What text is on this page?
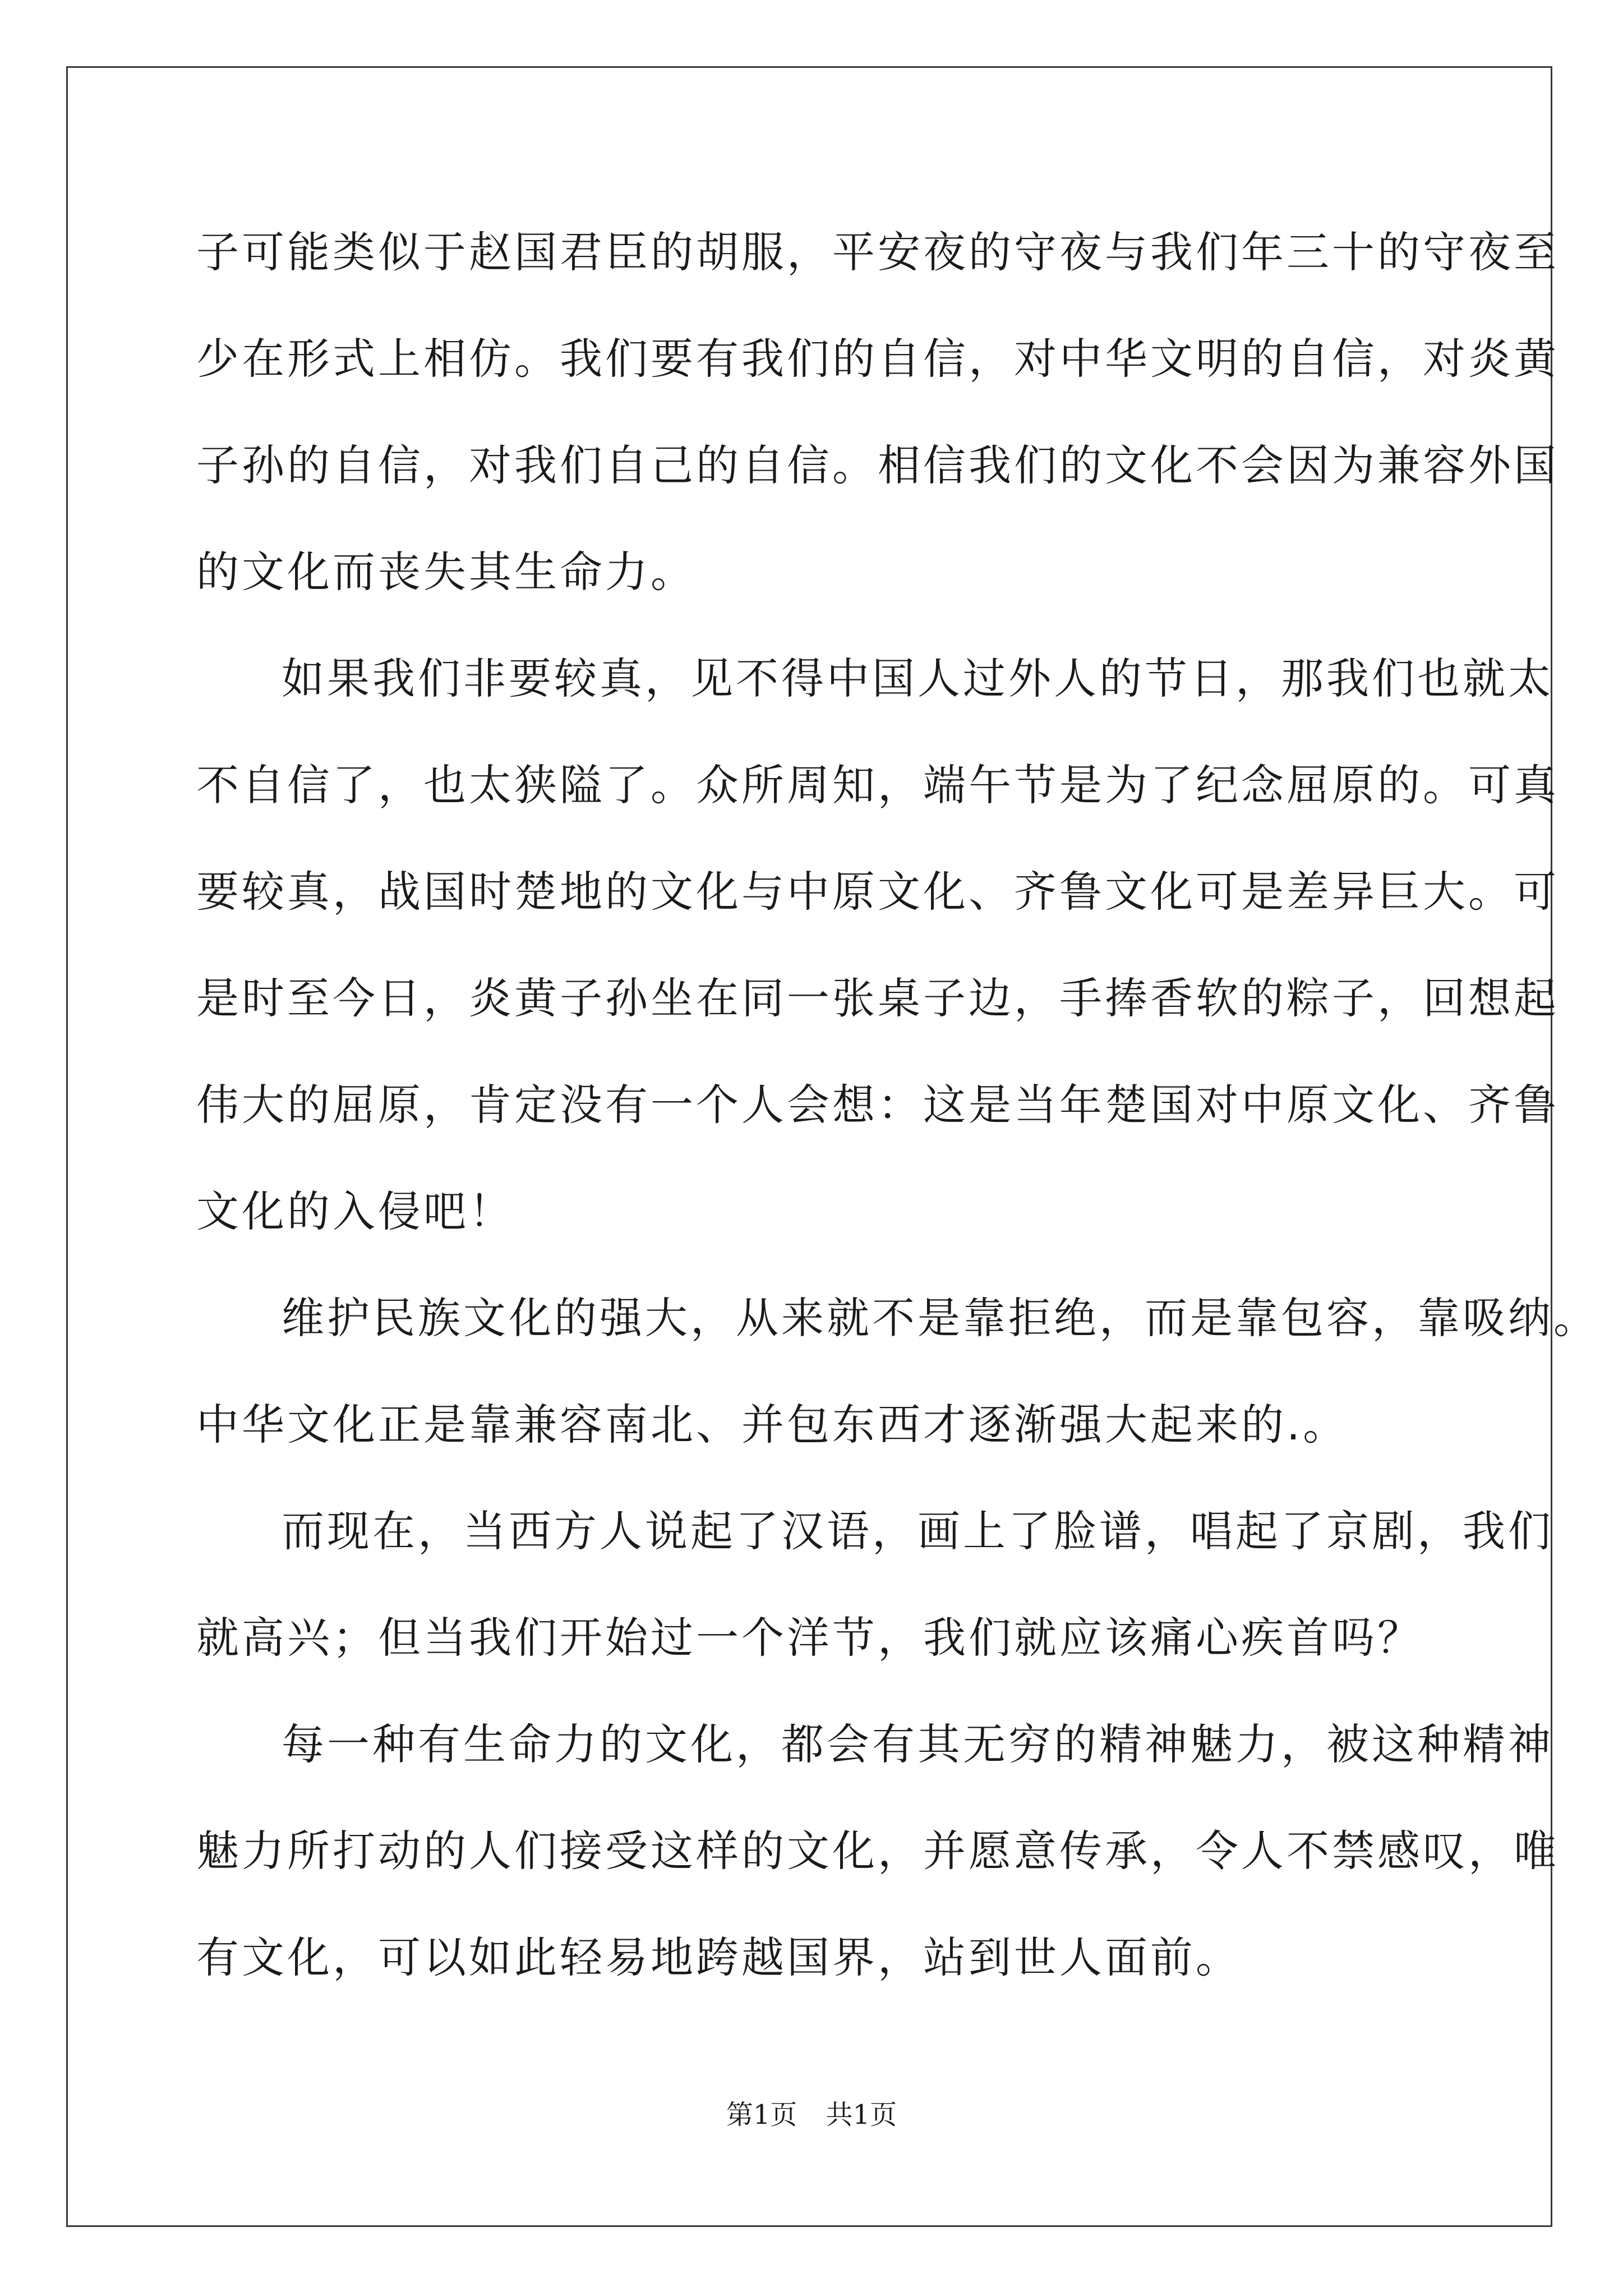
子可能类似于赵国君臣的胡服，平安夜的守夜与我们年三十的守夜至
少在形式上相仿。我们要有我们的自信，对中华文明的自信，对炎黄
子孙的自信，对我们自己的自信。相信我们的文化不会因为兼容外国
的文化而丧失其生命力。
如果我们非要较真，见不得中国人过外人的节日，那我们也就太
不自信了，也太狭隘了。众所周知，端午节是为了纪念屈原的。可真
要较真，战国时楚地的文化与中原文化、齐鲁文化可是差异巨大。可
是时至今日，炎黄子孙坐在同一张桌子边，手捧香软的粽子，回想起
伟大的屈原，肯定没有一个人会想：这是当年楚国对中原文化、齐鲁
文化的入侵吧！
维护民族文化的强大，从来就不是靠拒绝，而是靠包容，靠吸纳。
中华文化正是靠兼容南北、并包东西才逐渐强大起来的.。
而现在，当西方人说起了汉语，画上了脸谱，唱起了京剧，我们
就高兴；但当我们开始过一个洋节，我们就应该痛心疾首吗？
每一种有生命力的文化，都会有其无穷的精神魅力，被这种精神
魅力所打动的人们接受这样的文化，并愿意传承，令人不禁感叹，唯
有文化，可以如此轻易地跨越国界，站到世人面前。
第1页 共1页
